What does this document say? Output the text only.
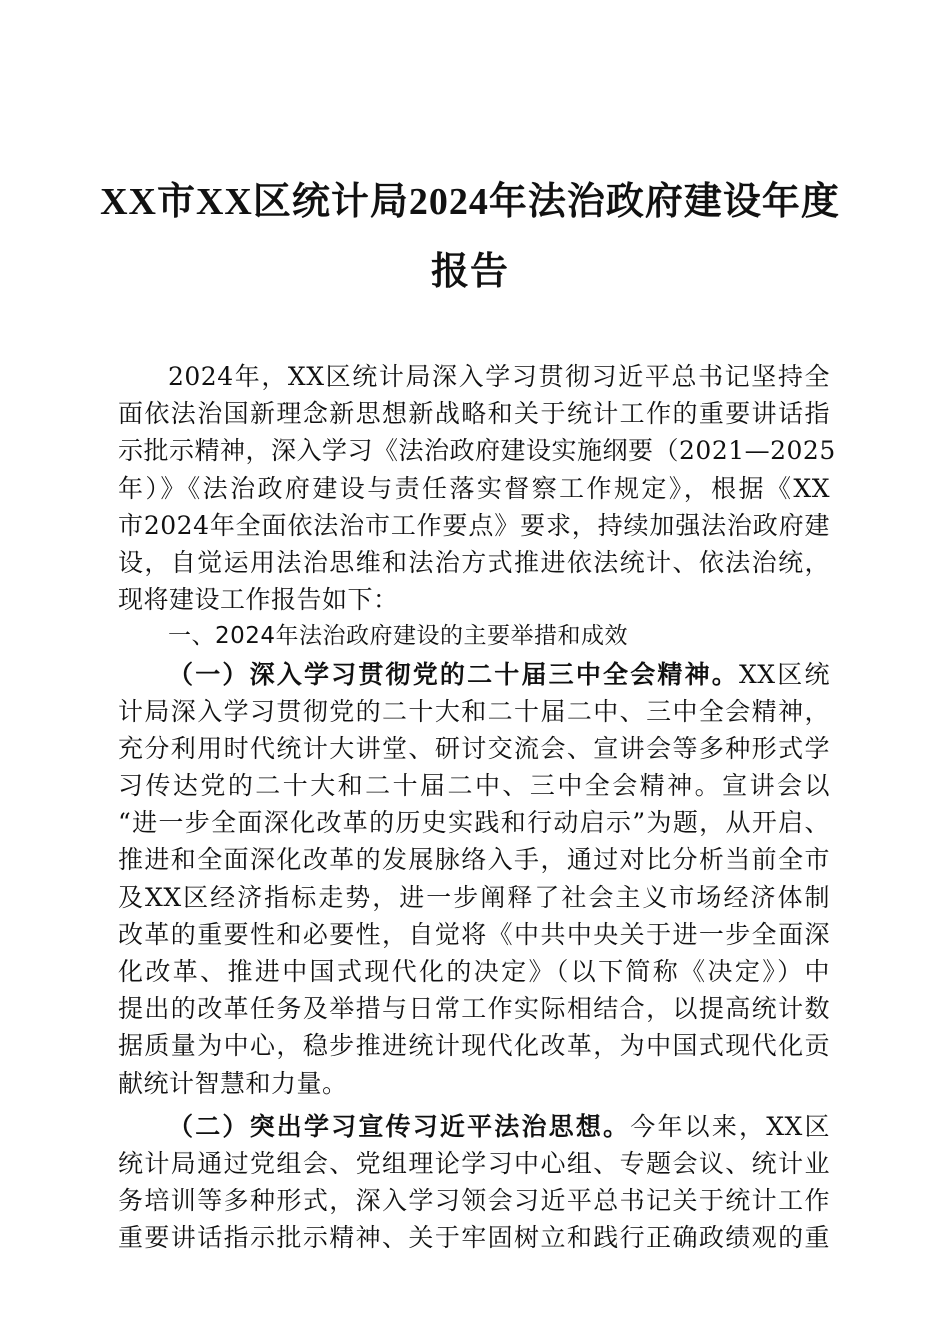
XX市XX区统计局2024年法治政府建设年度
报告
2024年，XX区统计局深入学习贯彻习近平总书记坚持全
面依法治国新理念新思想新战略和关于统计工作的重要讲话指
示批示精神，深入学习《法治政府建设实施纲要（2021—2025
年）》《法治政府建设与责任落实督察工作规定》，根据《XX
市2024年全面依法治市工作要点》要求，持续加强法治政府建
设，自觉运用法治思维和法治方式推进依法统计、依法治统，
现将建设工作报告如下：
一、2024年法治政府建设的主要举措和成效
（一）深入学习贯彻党的二十届三中全会精神。XX区统
计局深入学习贯彻党的二十大和二十届二中、三中全会精神，
充分利用时代统计大讲堂、研讨交流会、宣讲会等多种形式学
习传达党的二十大和二十届二中、三中全会精神。宣讲会以
“进一步全面深化改革的历史实践和行动启示”为题，从开启、
推进和全面深化改革的发展脉络入手，通过对比分析当前全市
及XX区经济指标走势，进一步阐释了社会主义市场经济体制
改革的重要性和必要性，自觉将《中共中央关于进一步全面深
化改革、推进中国式现代化的决定》（以下简称《决定》）中
提出的改革任务及举措与日常工作实际相结合，以提高统计数
据质量为中心，稳步推进统计现代化改革，为中国式现代化贡
献统计智慧和力量。
（二）突出学习宣传习近平法治思想。今年以来，XX区
统计局通过党组会、党组理论学习中心组、专题会议、统计业
务培训等多种形式，深入学习领会习近平总书记关于统计工作
重要讲话指示批示精神、关于牢固树立和践行正确政绩观的重
